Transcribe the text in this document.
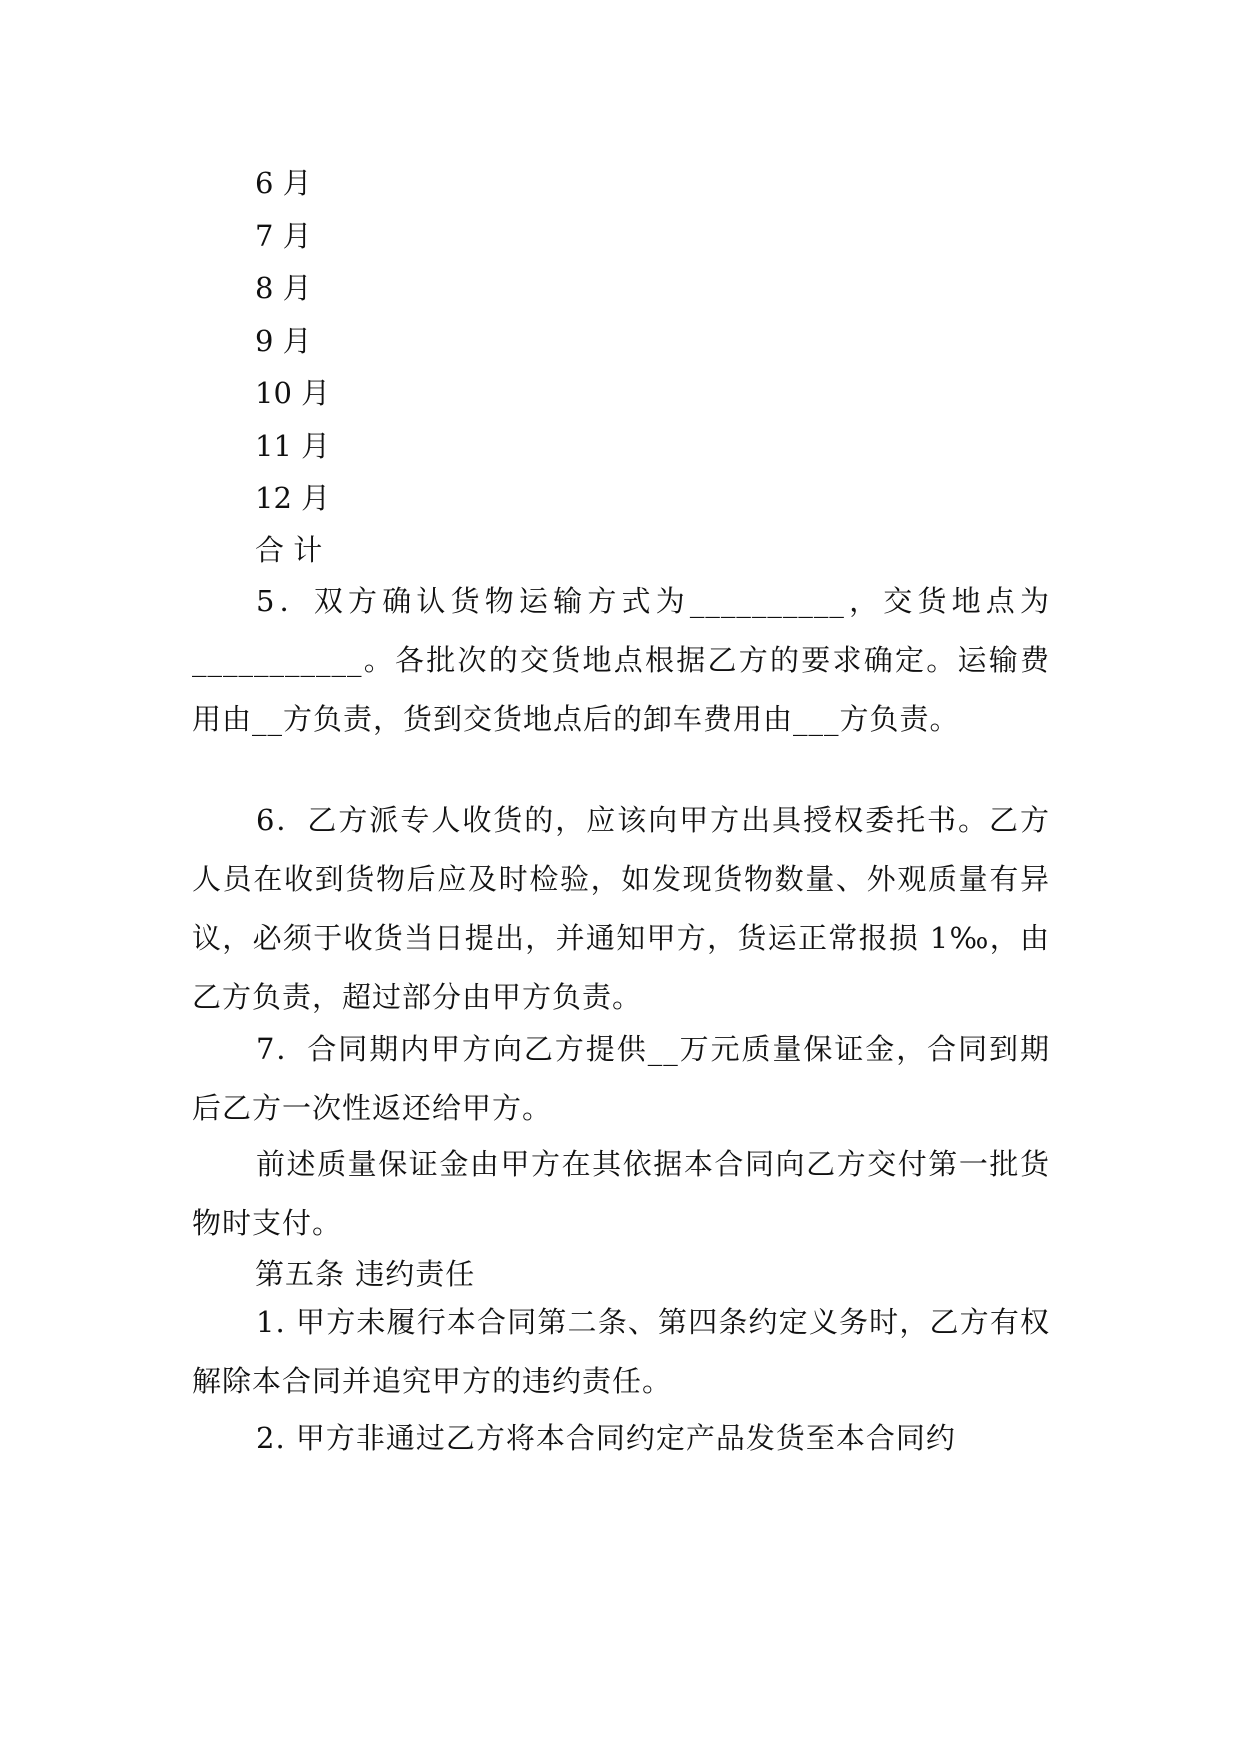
6 月

7 月

8 月

9 月

10 月

11 月

12 月

合 计

5．双方确认货物运输方式为__________，交货地点为___________。各批次的交货地点根据乙方的要求确定。运输费用由__方负责，货到交货地点后的卸车费用由___方负责。

6．乙方派专人收货的，应该向甲方出具授权委托书。乙方人员在收到货物后应及时检验，如发现货物数量、外观质量有异议，必须于收货当日提出，并通知甲方，货运正常报损 1‰，由乙方负责，超过部分由甲方负责。

7．合同期内甲方向乙方提供__万元质量保证金，合同到期后乙方一次性返还给甲方。

前述质量保证金由甲方在其依据本合同向乙方交付第一批货物时支付。

第五条 违约责任

1. 甲方未履行本合同第二条、第四条约定义务时，乙方有权解除本合同并追究甲方的违约责任。

2. 甲方非通过乙方将本合同约定产品发货至本合同约
